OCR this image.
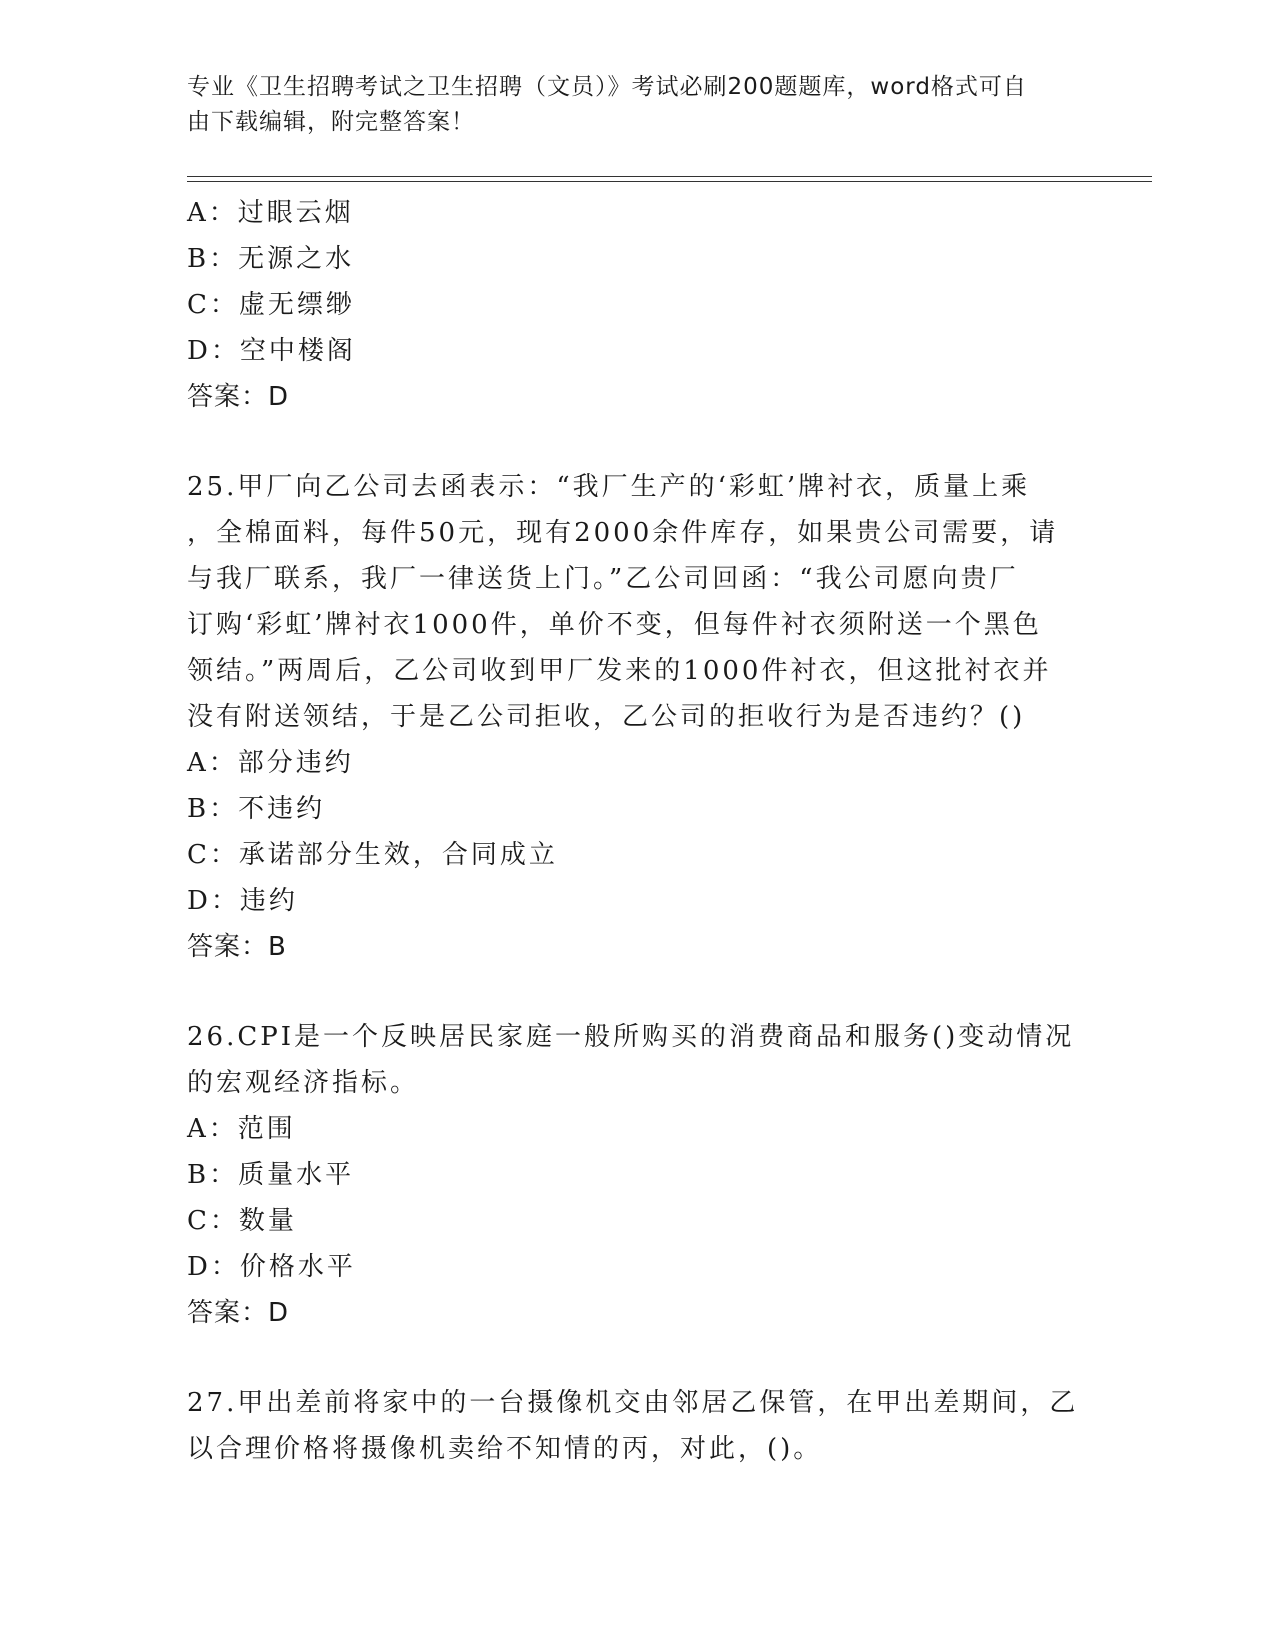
专业《卫生招聘考试之卫生招聘（文员）》考试必刷200题题库，word格式可自
由下载编辑，附完整答案！
A：过眼云烟
B：无源之水
C：虚无缥缈
D：空中楼阁
答案：D
25.甲厂向乙公司去函表示：“我厂生产的‘彩虹’牌衬衣，质量上乘
，全棉面料，每件50元，现有2000余件库存，如果贵公司需要，请
与我厂联系，我厂一律送货上门。”乙公司回函：“我公司愿向贵厂
订购‘彩虹’牌衬衣1000件，单价不变，但每件衬衣须附送一个黑色
领结。”两周后，乙公司收到甲厂发来的1000件衬衣，但这批衬衣并
没有附送领结，于是乙公司拒收，乙公司的拒收行为是否违约？()
A：部分违约
B：不违约
C：承诺部分生效，合同成立
D：违约
答案：B
26.CPI是一个反映居民家庭一般所购买的消费商品和服务()变动情况
的宏观经济指标。
A：范围
B：质量水平
C：数量
D：价格水平
答案：D
27.甲出差前将家中的一台摄像机交由邻居乙保管，在甲出差期间，乙
以合理价格将摄像机卖给不知情的丙，对此，()。
